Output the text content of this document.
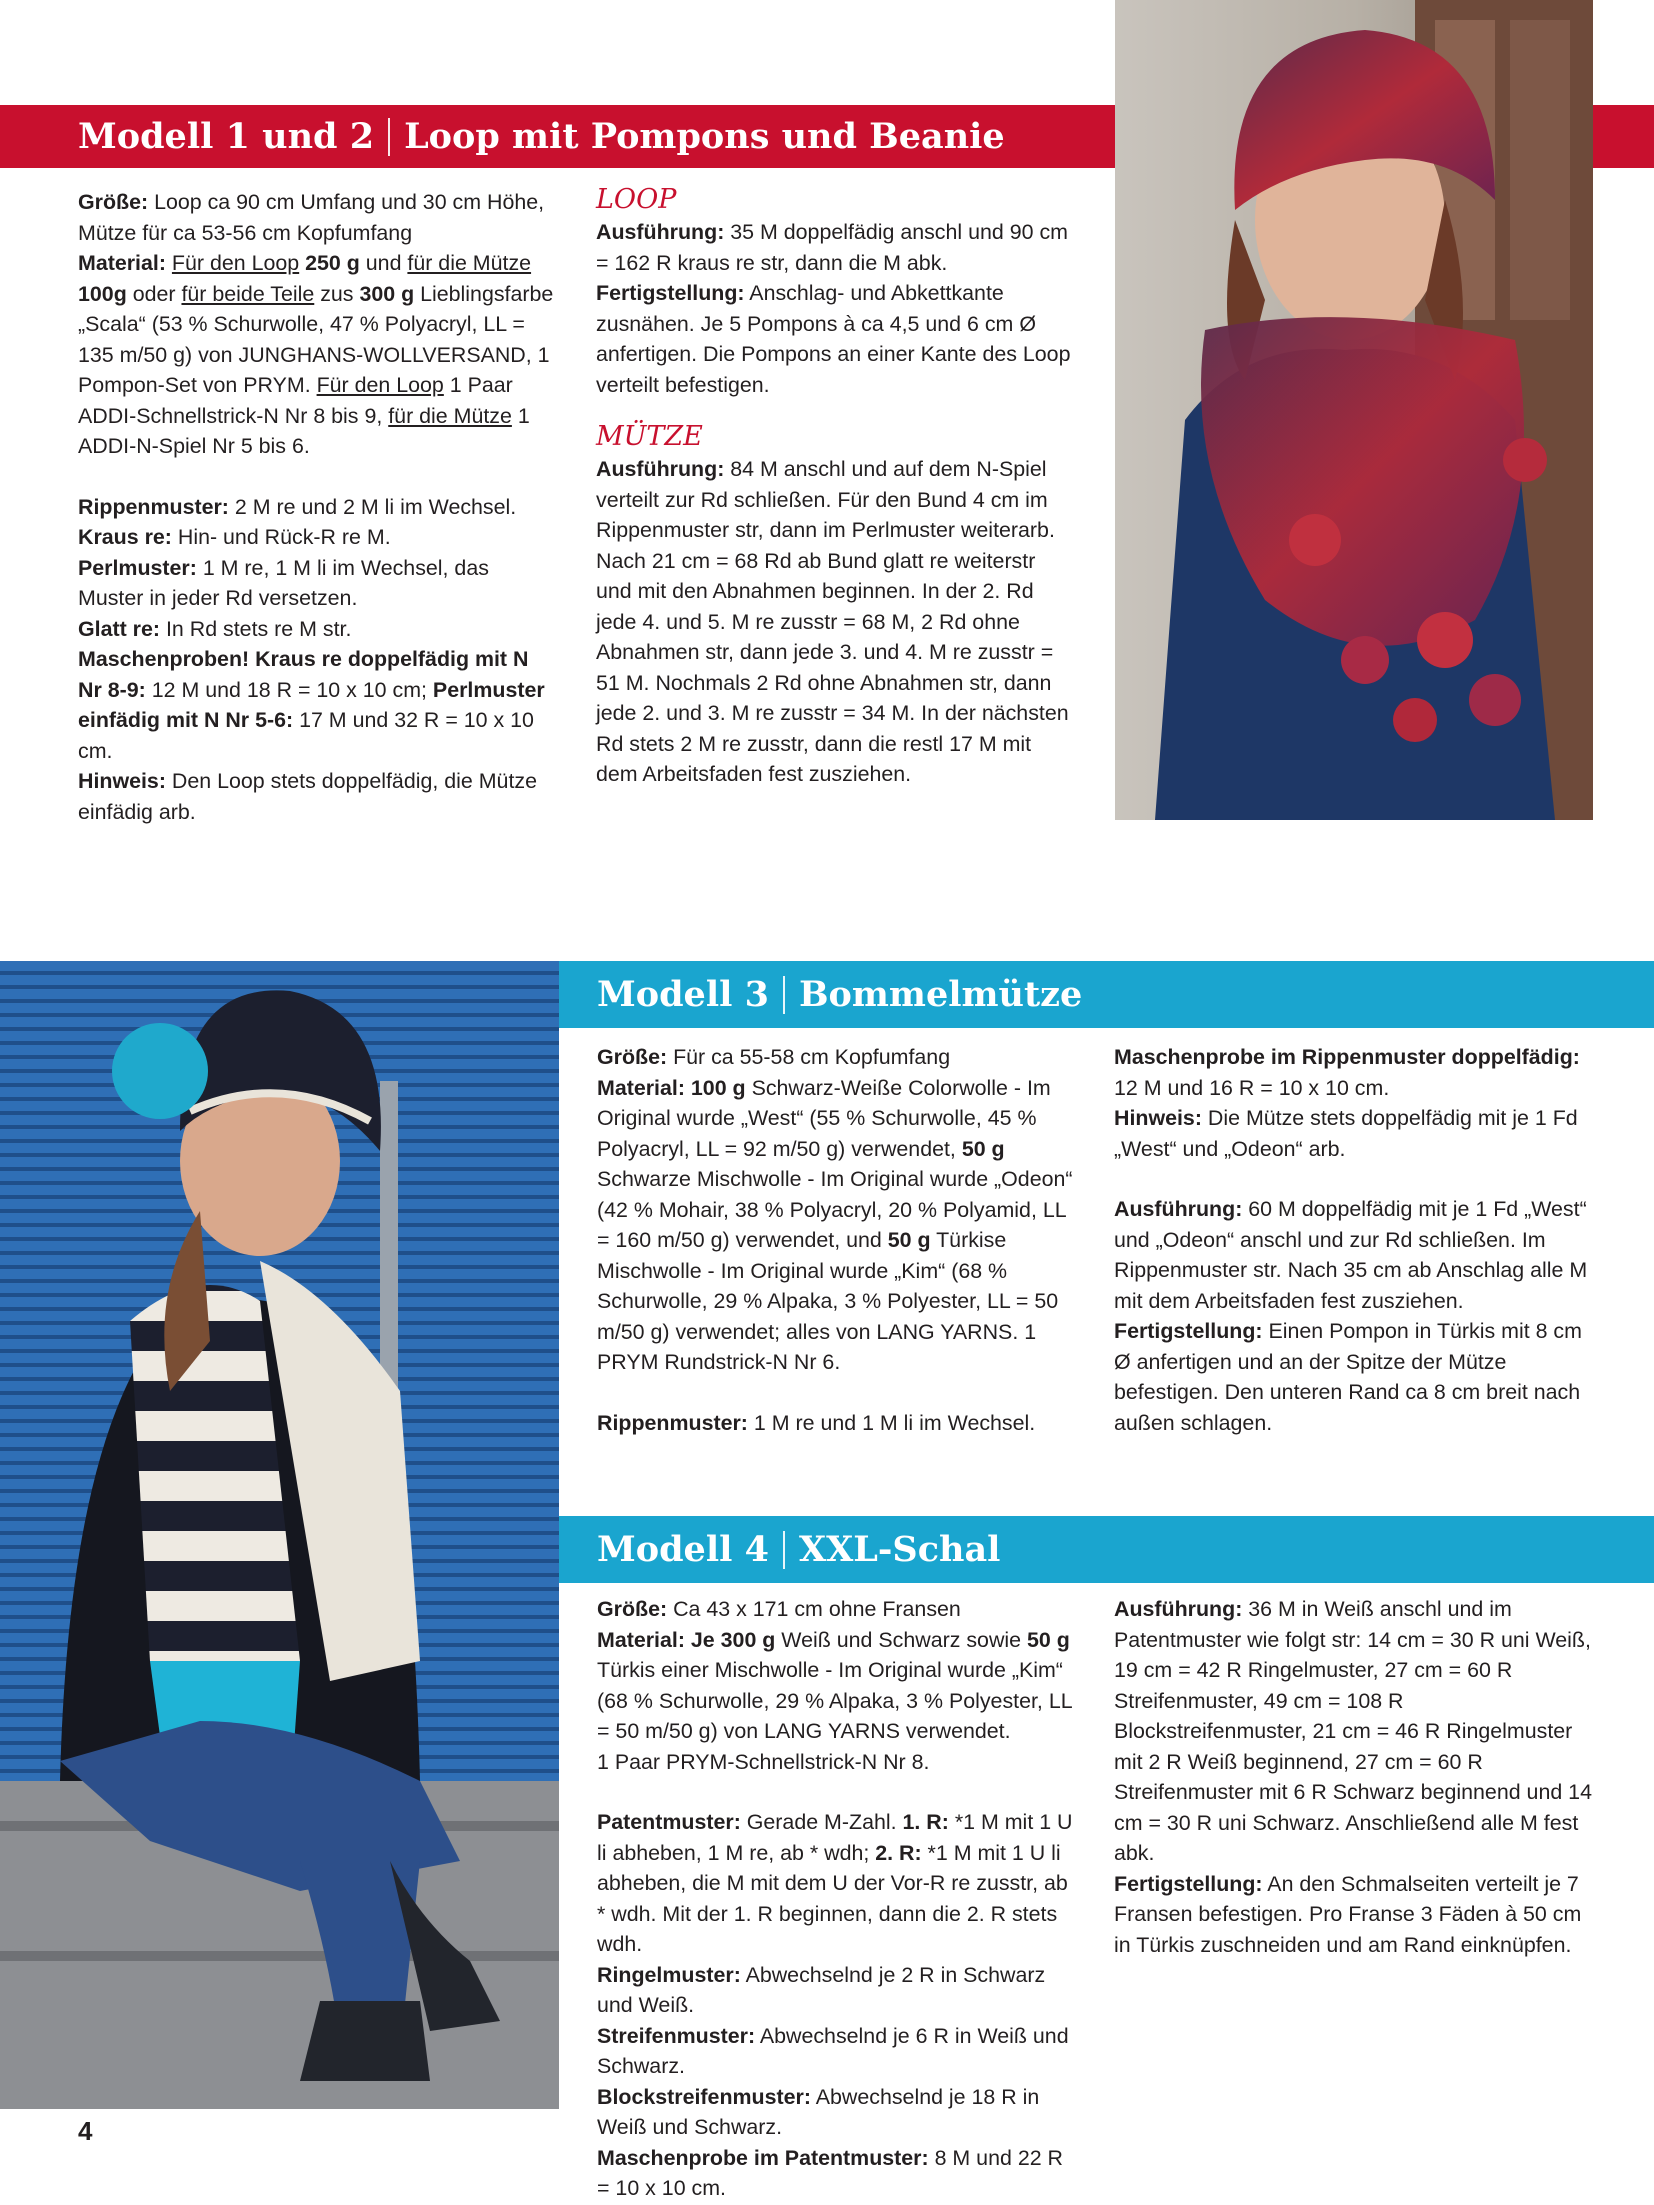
Modell 1 und 2 Loop mit Pompons und Beanie

Größe: Loop ca 90 cm Umfang und 30 cm Höhe, Mütze für ca 53-56 cm Kopfumfang

Material: Für den Loop 250 g und für die Mütze 100g oder für beide Teile zus 300 g Lieblingsfarbe „Scala“ (53 % Schurwolle, 47 % Polyacryl, LL = 135 m/50 g) von JUNGHANS-WOLLVERSAND, 1 Pompon-Set von PRYM. Für den Loop 1 Paar ADDI-Schnellstrick-N Nr 8 bis 9, für die Mütze 1 ADDI-N-Spiel Nr 5 bis 6.

Rippenmuster: 2 M re und 2 M li im Wechsel.

Kraus re: Hin- und Rück-R re M.

Perlmuster: 1 M re, 1 M li im Wechsel, das Muster in jeder Rd versetzen.

Glatt re: In Rd stets re M str.

Maschenproben! Kraus re doppelfädig mit N Nr 8-9: 12 M und 18 R = 10 x 10 cm; Perlmuster einfädig mit N Nr 5-6: 17 M und 32 R = 10 x 10 cm.

Hinweis: Den Loop stets doppelfädig, die Mütze einfädig arb.

LOOP

Ausführung: 35 M doppelfädig anschl und 90 cm = 162 R kraus re str, dann die M abk.

Fertigstellung: Anschlag- und Abkettkante zusnähen. Je 5 Pompons à ca 4,5 und 6 cm Ø anfertigen. Die Pompons an einer Kante des Loop verteilt befestigen.

MÜTZE

Ausführung: 84 M anschl und auf dem N-Spiel verteilt zur Rd schließen. Für den Bund 4 cm im Rippenmuster str, dann im Perlmuster weiterarb. Nach 21 cm = 68 Rd ab Bund glatt re weiterstr und mit den Abnahmen beginnen. In der 2. Rd jede 4. und 5. M re zusstr = 68 M, 2 Rd ohne Abnahmen str, dann jede 3. und 4. M re zusstr = 51 M. Nochmals 2 Rd ohne Abnahmen str, dann jede 2. und 3. M re zusstr = 34 M. In der nächsten Rd stets 2 M re zusstr, dann die restl 17 M mit dem Arbeitsfaden fest zusziehen.

Modell 3 Bommelmütze

Größe: Für ca 55-58 cm Kopfumfang

Material: 100 g Schwarz-Weiße Colorwolle - Im Original wurde „West“ (55 % Schurwolle, 45 % Polyacryl, LL = 92 m/50 g) verwendet, 50 g Schwarze Mischwolle - Im Original wurde „Odeon“ (42 % Mohair, 38 % Polyacryl, 20 % Polyamid, LL = 160 m/50 g) verwendet, und 50 g Türkise Mischwolle - Im Original wurde „Kim“ (68 % Schurwolle, 29 % Alpaka, 3 % Polyester, LL = 50 m/50 g) verwendet; alles von LANG YARNS. 1 PRYM Rundstrick-N Nr 6.

Rippenmuster: 1 M re und 1 M li im Wechsel.

Maschenprobe im Rippenmuster doppelfädig: 12 M und 16 R = 10 x 10 cm.

Hinweis: Die Mütze stets doppelfädig mit je 1 Fd „West“ und „Odeon“ arb.

Ausführung: 60 M doppelfädig mit je 1 Fd „West“ und „Odeon“ anschl und zur Rd schließen. Im Rippenmuster str. Nach 35 cm ab Anschlag alle M mit dem Arbeitsfaden fest zusziehen.

Fertigstellung: Einen Pompon in Türkis mit 8 cm Ø anfertigen und an der Spitze der Mütze befestigen. Den unteren Rand ca 8 cm breit nach außen schlagen.

Modell 4 XXL-Schal

Größe: Ca 43 x 171 cm ohne Fransen

Material: Je 300 g Weiß und Schwarz sowie 50 g Türkis einer Mischwolle - Im Original wurde „Kim“ (68 % Schurwolle, 29 % Alpaka, 3 % Polyester, LL = 50 m/50 g) von LANG YARNS verwendet.

1 Paar PRYM-Schnellstrick-N Nr 8.

Patentmuster: Gerade M-Zahl. 1. R: *1 M mit 1 U li abheben, 1 M re, ab * wdh; 2. R: *1 M mit 1 U li abheben, die M mit dem U der Vor-R re zusstr, ab * wdh. Mit der 1. R beginnen, dann die 2. R stets wdh.

Ringelmuster: Abwechselnd je 2 R in Schwarz und Weiß.

Streifenmuster: Abwechselnd je 6 R in Weiß und Schwarz.

Blockstreifenmuster: Abwechselnd je 18 R in Weiß und Schwarz.

Maschenprobe im Patentmuster: 8 M und 22 R = 10 x 10 cm.

Ausführung: 36 M in Weiß anschl und im Patentmuster wie folgt str: 14 cm = 30 R uni Weiß, 19 cm = 42 R Ringelmuster, 27 cm = 60 R Streifenmuster, 49 cm = 108 R Blockstreifenmuster, 21 cm = 46 R Ringelmuster mit 2 R Weiß beginnend, 27 cm = 60 R Streifenmuster mit 6 R Schwarz beginnend und 14 cm = 30 R uni Schwarz. Anschließend alle M fest abk.

Fertigstellung: An den Schmalseiten verteilt je 7 Fransen befestigen. Pro Franse 3 Fäden à 50 cm in Türkis zuschneiden und am Rand einknüpfen.

4
